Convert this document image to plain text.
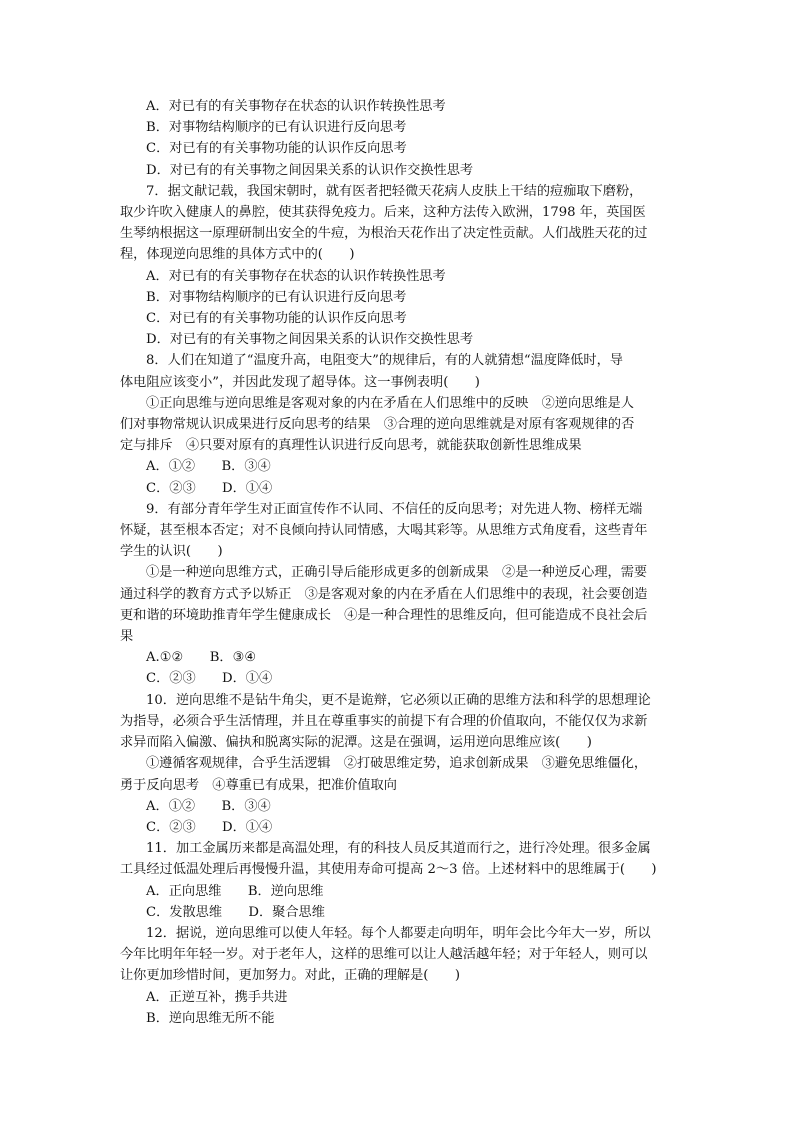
A．对已有的有关事物存在状态的认识作转换性思考
B．对事物结构顺序的已有认识进行反向思考
C．对已有的有关事物功能的认识作反向思考
D．对已有的有关事物之间因果关系的认识作交换性思考
7．据文献记载，我国宋朝时，就有医者把轻微天花病人皮肤上干结的痘痂取下磨粉，
取少许吹入健康人的鼻腔，使其获得免疫力。后来，这种方法传入欧洲，1798 年，英国医
生琴纳根据这一原理研制出安全的牛痘，为根治天花作出了决定性贡献。人们战胜天花的过
程，体现逆向思维的具体方式中的(　　)
A．对已有的有关事物存在状态的认识作转换性思考
B．对事物结构顺序的已有认识进行反向思考
C．对已有的有关事物功能的认识作反向思考
D．对已有的有关事物之间因果关系的认识作交换性思考
8．人们在知道了“温度升高，电阻变大”的规律后，有的人就猜想“温度降低时，导
体电阻应该变小”，并因此发现了超导体。这一事例表明(　　)
①正向思维与逆向思维是客观对象的内在矛盾在人们思维中的反映　②逆向思维是人
们对事物常规认识成果进行反向思考的结果　③合理的逆向思维就是对原有客观规律的否
定与排斥　④只要对原有的真理性认识进行反向思考，就能获取创新性思维成果
A．①②　　B．③④
C．②③　　D．①④
9．有部分青年学生对正面宣传作不认同、不信任的反向思考；对先进人物、榜样无端
怀疑，甚至根本否定；对不良倾向持认同情感，大喝其彩等。从思维方式角度看，这些青年
学生的认识(　　)
①是一种逆向思维方式，正确引导后能形成更多的创新成果　②是一种逆反心理，需要
通过科学的教育方式予以矫正　③是客观对象的内在矛盾在人们思维中的表现，社会要创造
更和谐的环境助推青年学生健康成长　④是一种合理性的思维反向，但可能造成不良社会后
果
A.①②　　B．③④
C．②③　　D．①④
10．逆向思维不是钻牛角尖，更不是诡辩，它必须以正确的思维方法和科学的思想理论
为指导，必须合乎生活情理，并且在尊重事实的前提下有合理的价值取向，不能仅仅为求新
求异而陷入偏激、偏执和脱离实际的泥潭。这是在强调，运用逆向思维应该(　　)
①遵循客观规律，合乎生活逻辑　②打破思维定势，追求创新成果　③避免思维僵化，
勇于反向思考　④尊重已有成果，把准价值取向
A．①②　　B．③④
C．②③　　D．①④
11．加工金属历来都是高温处理，有的科技人员反其道而行之，进行冷处理。很多金属
工具经过低温处理后再慢慢升温，其使用寿命可提高 2～3 倍。上述材料中的思维属于(　　)
A．正向思维　　B．逆向思维
C．发散思维　　D．聚合思维
12．据说，逆向思维可以使人年轻。每个人都要走向明年，明年会比今年大一岁，所以
今年比明年年轻一岁。对于老年人，这样的思维可以让人越活越年轻；对于年轻人，则可以
让你更加珍惜时间，更加努力。对此，正确的理解是(　　)
A．正逆互补，携手共进
B．逆向思维无所不能
